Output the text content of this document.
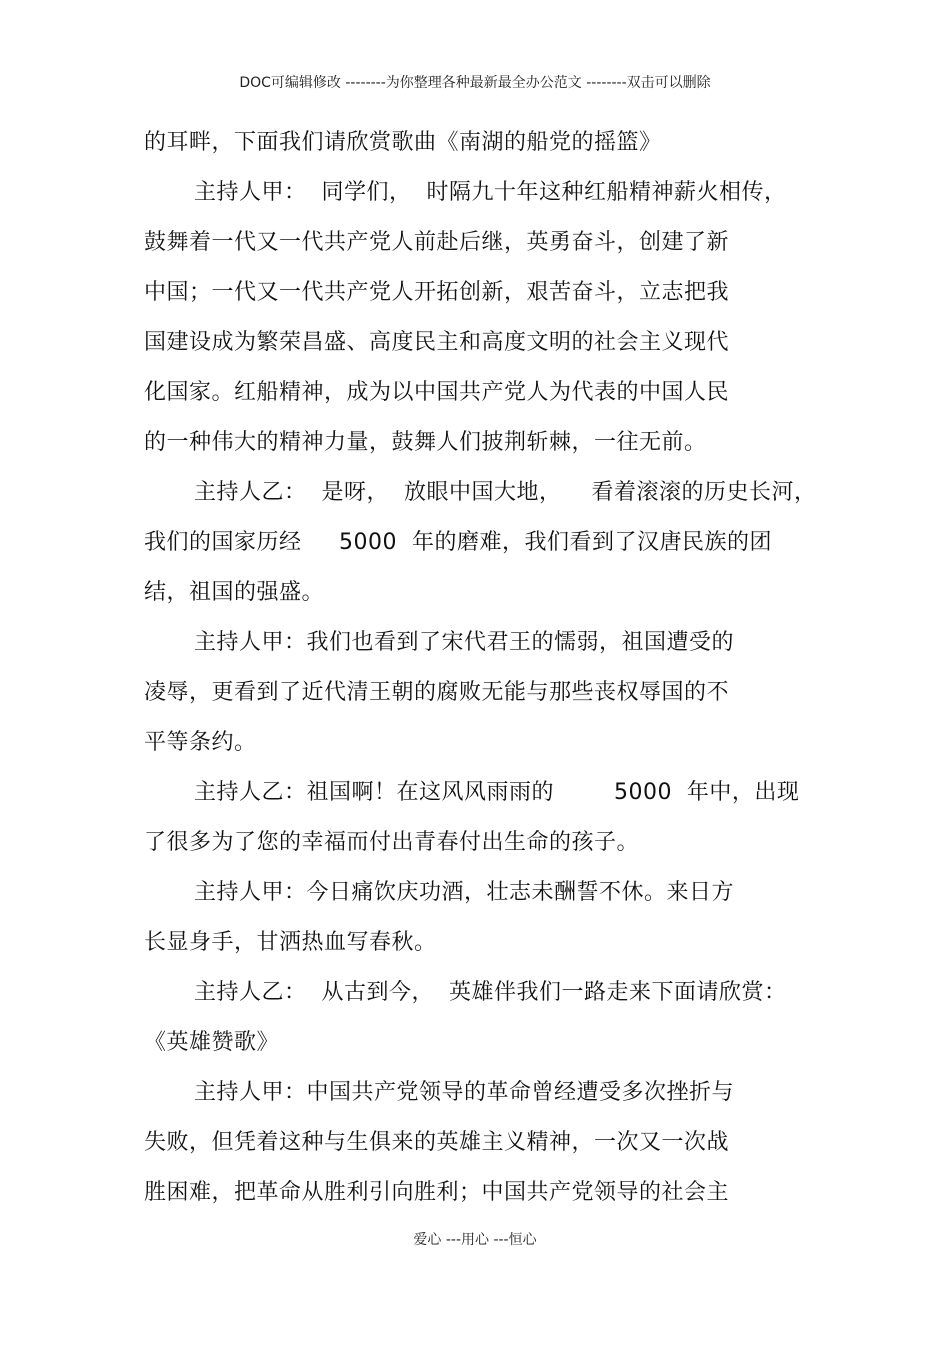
DOC可编辑修改 --------为你整理各种最新最全办公范文 --------双击可以删除
的耳畔，下面我们请欣赏歌曲《南湖的船党的摇篮》
主持人甲：  同学们，  时隔九十年这种红船精神薪火相传，
鼓舞着一代又一代共产党人前赴后继，英勇奋斗，创建了新
中国；一代又一代共产党人开拓创新，艰苦奋斗，立志把我
国建设成为繁荣昌盛、高度民主和高度文明的社会主义现代
化国家。红船精神，成为以中国共产党人为代表的中国人民
的一种伟大的精神力量，鼓舞人们披荆斩棘，一往无前。
主持人乙：  是呀，  放眼中国大地，    看着滚滚的历史长河，
我们的国家历经     5000  年的磨难，我们看到了汉唐民族的团
结，祖国的强盛。
主持人甲：我们也看到了宋代君王的懦弱，祖国遭受的
凌辱，更看到了近代清王朝的腐败无能与那些丧权辱国的不
平等条约。
主持人乙：祖国啊！在这风风雨雨的        5000  年中，出现
了很多为了您的幸福而付出青春付出生命的孩子。
主持人甲：今日痛饮庆功酒，壮志未酬誓不休。来日方
长显身手，甘洒热血写春秋。
主持人乙：  从古到今，  英雄伴我们一路走来下面请欣赏：
《英雄赞歌》
主持人甲：中国共产党领导的革命曾经遭受多次挫折与
失败，但凭着这种与生俱来的英雄主义精神，一次又一次战
胜困难，把革命从胜利引向胜利；中国共产党领导的社会主
爱心 ---用心 ---恒心
